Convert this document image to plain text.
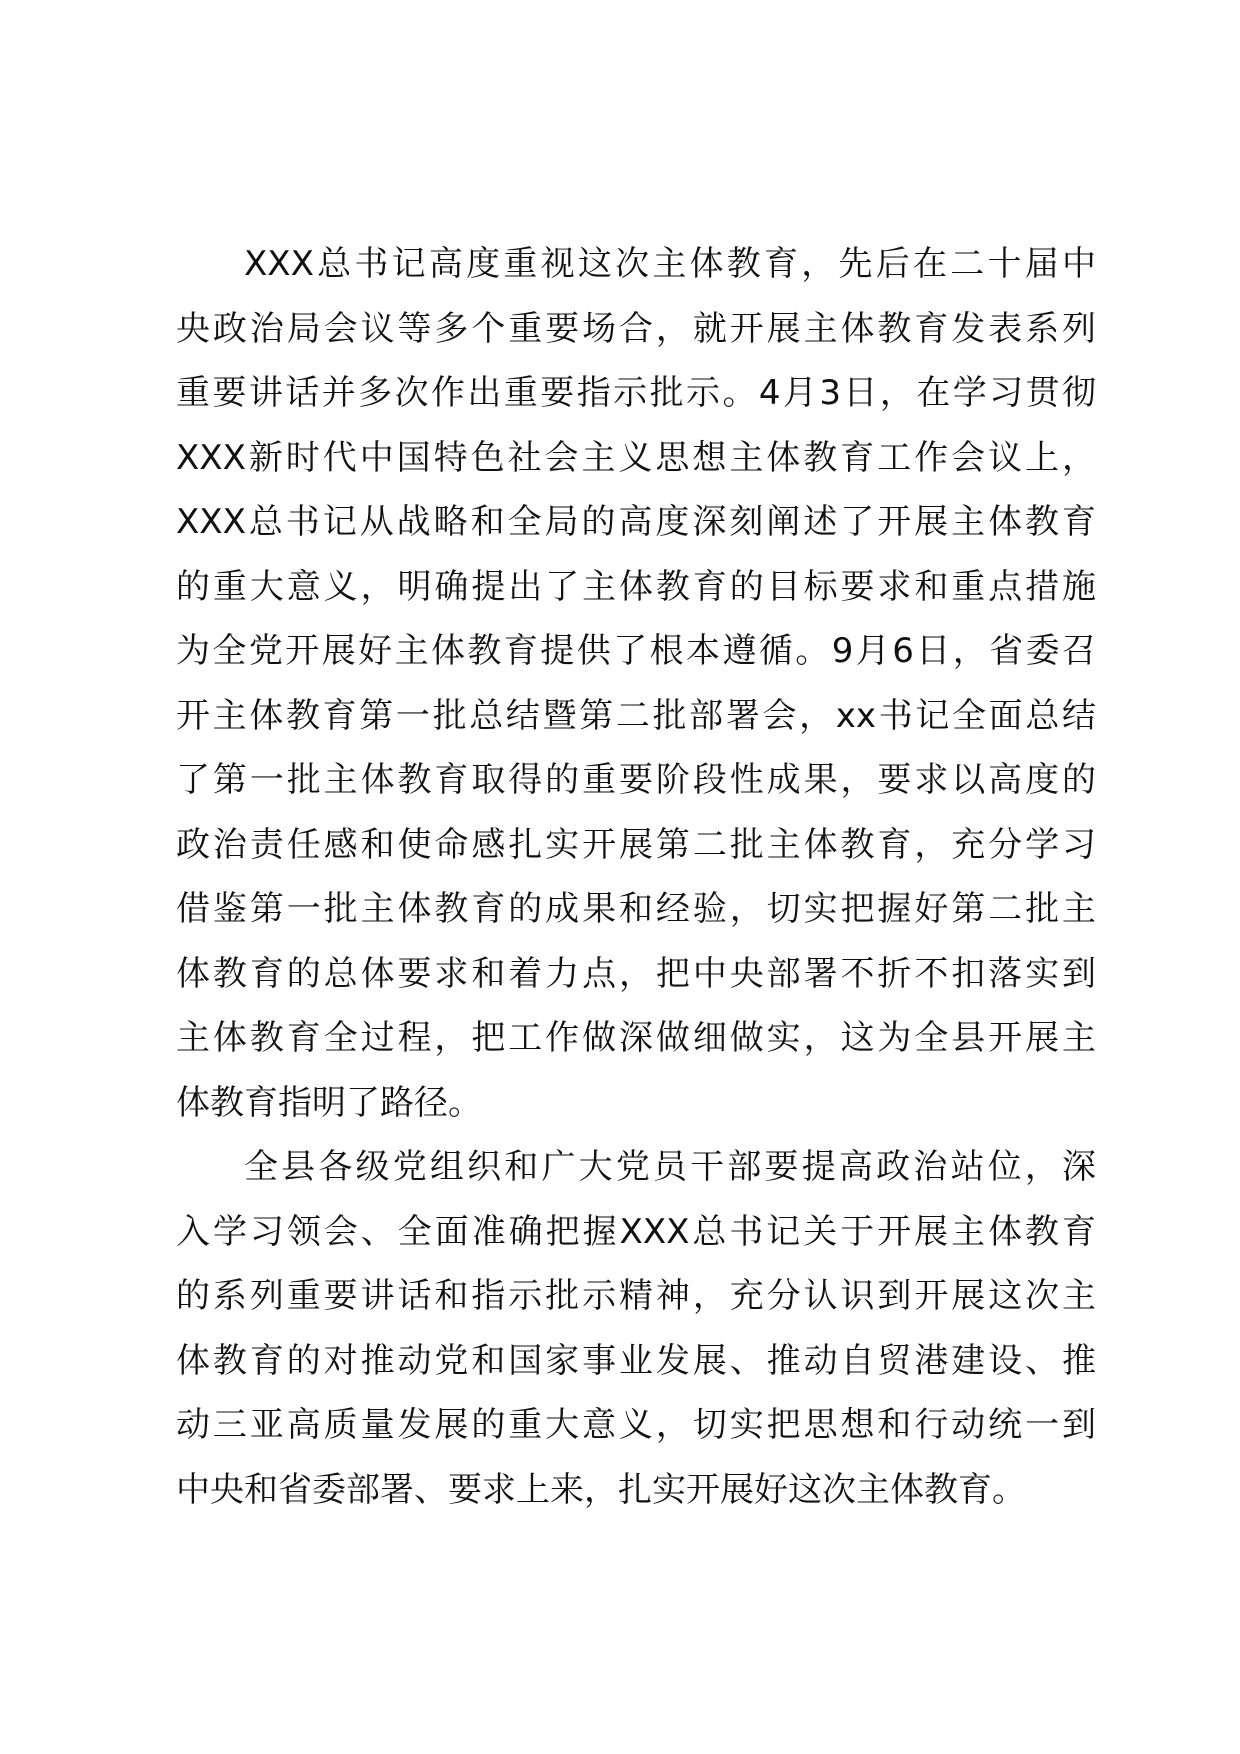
XXX总书记高度重视这次主体教育，先后在二十届中
央政治局会议等多个重要场合，就开展主体教育发表系列
重要讲话并多次作出重要指示批示。4月3日，在学习贯彻
XXX新时代中国特色社会主义思想主体教育工作会议上，
XXX总书记从战略和全局的高度深刻阐述了开展主体教育
的重大意义，明确提出了主体教育的目标要求和重点措施
为全党开展好主体教育提供了根本遵循。9月6日，省委召
开主体教育第一批总结暨第二批部署会，xx书记全面总结
了第一批主体教育取得的重要阶段性成果，要求以高度的
政治责任感和使命感扎实开展第二批主体教育，充分学习
借鉴第一批主体教育的成果和经验，切实把握好第二批主
体教育的总体要求和着力点，把中央部署不折不扣落实到
主体教育全过程，把工作做深做细做实，这为全县开展主
体教育指明了路径。
全县各级党组织和广大党员干部要提高政治站位，深
入学习领会、全面准确把握XXX总书记关于开展主体教育
的系列重要讲话和指示批示精神，充分认识到开展这次主
体教育的对推动党和国家事业发展、推动自贸港建设、推
动三亚高质量发展的重大意义，切实把思想和行动统一到
中央和省委部署、要求上来，扎实开展好这次主体教育。
